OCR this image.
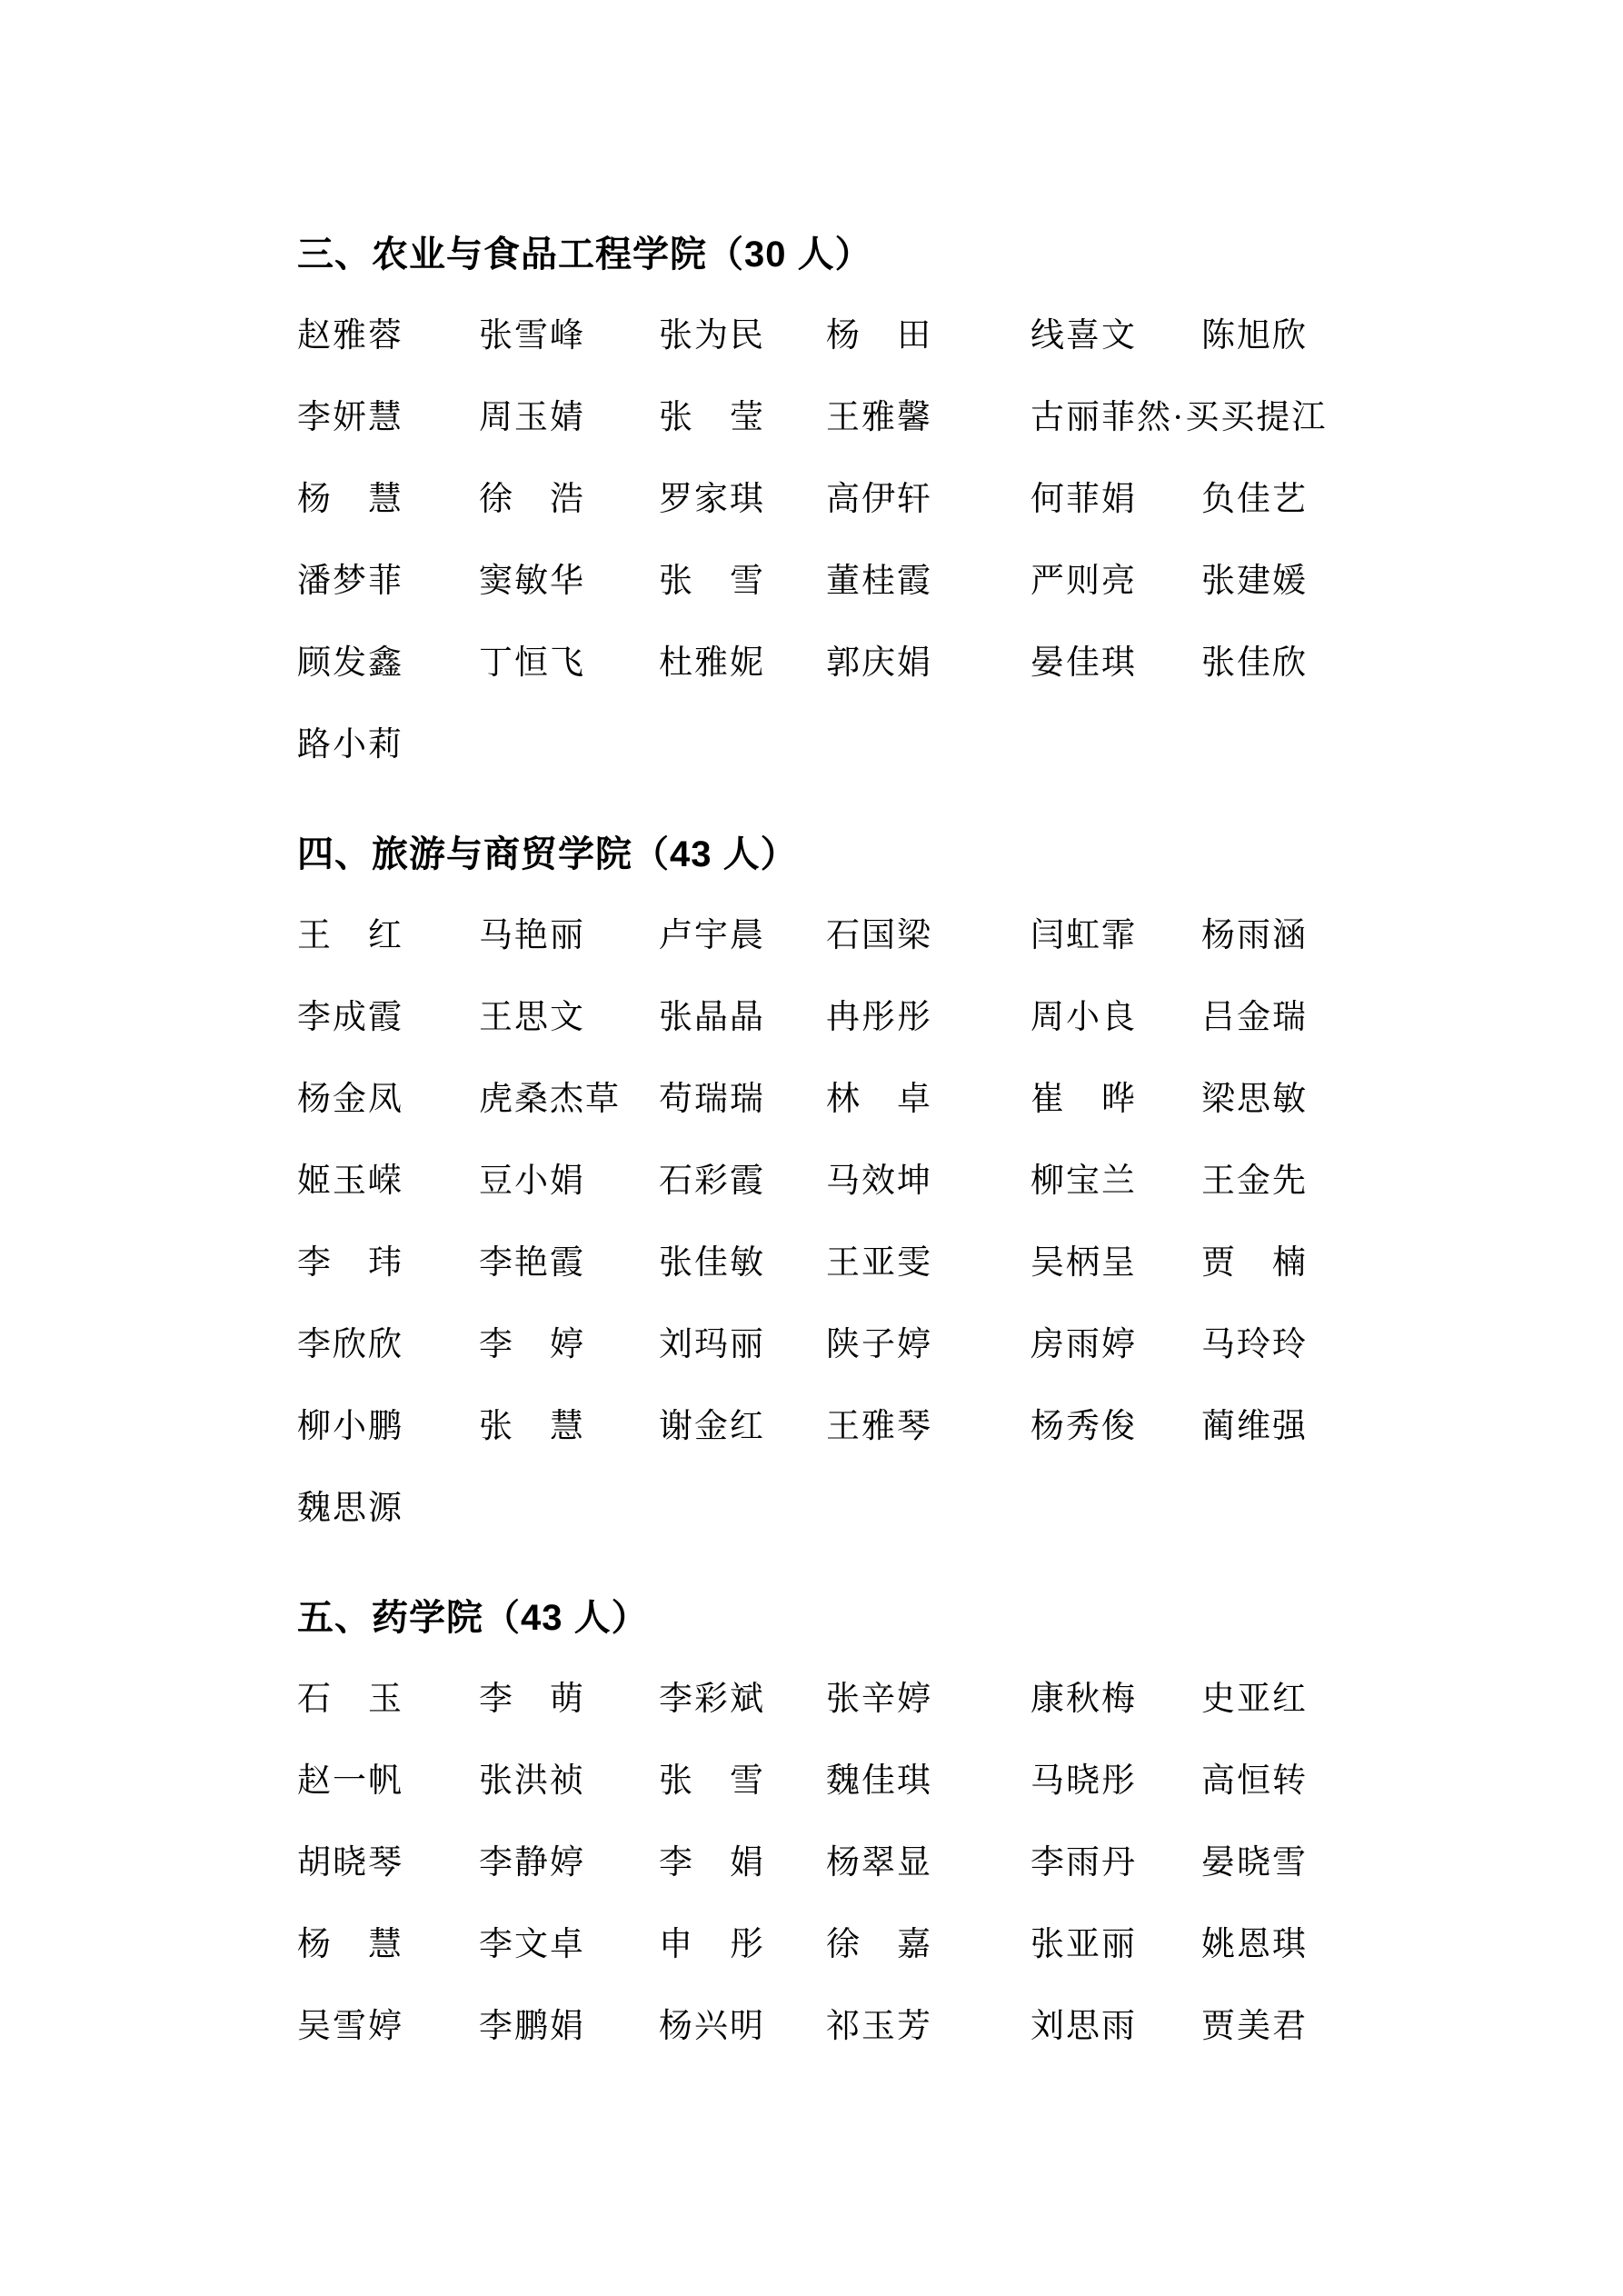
三、农业与食品工程学院（30 人）
赵雅蓉 张雪峰 张为民 杨　田	线喜文 陈旭欣
李妍慧 周玉婧 张　莹 王雅馨	古丽菲然·买买提江
杨　慧 徐　浩 罗家琪 高伊轩	何菲娟 负佳艺
潘梦菲 窦敏华 张　雪 董桂霞	严则亮 张建媛
顾发鑫 丁恒飞 杜雅妮 郭庆娟	晏佳琪 张佳欣
路小莉
四、旅游与商贸学院（43 人）
王　红 马艳丽 卢宇晨 石国梁	闫虹霏 杨雨涵
李成霞 王思文 张晶晶 冉彤彤	周小良 吕金瑞
杨金凤 虎桑杰草 苟瑞瑞 林　卓	崔　晔 梁思敏
姬玉嵘 豆小娟 石彩霞 马效坤	柳宝兰 王金先
李　玮 李艳霞 张佳敏 王亚雯	吴柄呈 贾　楠
李欣欣 李　婷 刘玛丽 陕子婷	房雨婷 马玲玲
柳小鹏 张　慧 谢金红 王雅琴	杨秀俊 蔺维强
魏思源
五、药学院（43 人）
石　玉 李　萌 李彩斌 张辛婷	康秋梅 史亚红
赵一帆 张洪祯 张　雪 魏佳琪	马晓彤 高恒转
胡晓琴 李静婷 李　娟 杨翠显	李雨丹 晏晓雪
杨　慧 李文卓 申　彤 徐　嘉	张亚丽 姚恩琪
吴雪婷 李鹏娟 杨兴明 祁玉芳	刘思雨 贾美君
